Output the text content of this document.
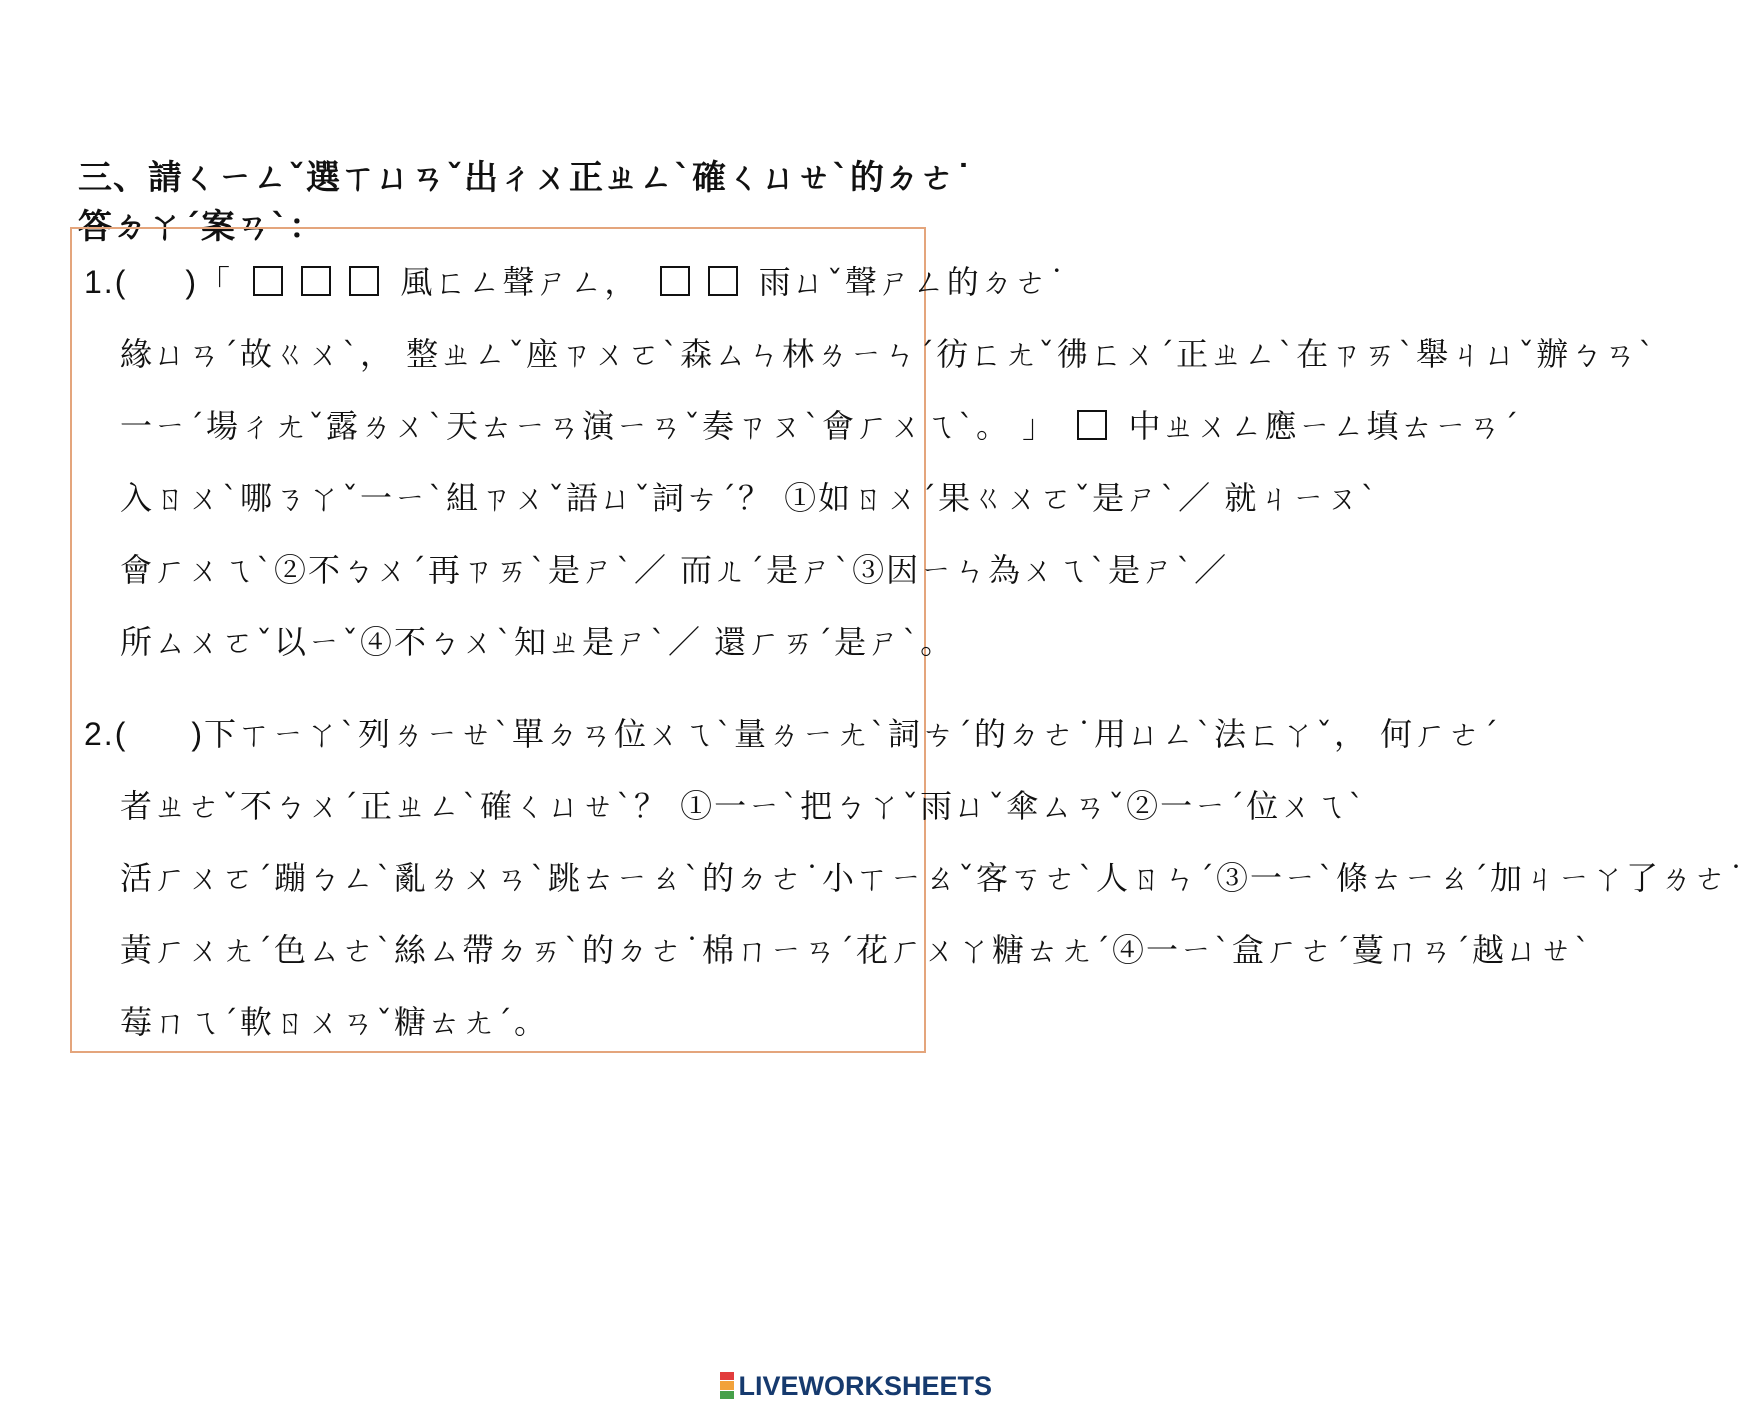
三、請ㄑㄧㄥˇ選ㄒㄩㄢˇ出ㄔㄨ正ㄓㄥˋ確ㄑㄩㄝˋ的ㄉㄜ˙答ㄉㄚˊ案ㄢˋ：
1.( )「	風ㄈㄥ聲ㄕㄥ，	雨ㄩˇ聲ㄕㄥ的ㄉㄜ˙
緣ㄩㄢˊ故ㄍㄨˋ， 整ㄓㄥˇ座ㄗㄨㄛˋ森ㄙㄣ林ㄌㄧㄣˊ彷ㄈㄤˇ彿ㄈㄨˊ正ㄓㄥˋ在ㄗㄞˋ舉ㄐㄩˇ辦ㄅㄢˋ
一ㄧˊ場ㄔㄤˇ露ㄌㄨˋ天ㄊㄧㄢ演ㄧㄢˇ奏ㄗㄡˋ會ㄏㄨㄟˋ。 」 中ㄓㄨㄥ應ㄧㄥ填ㄊㄧㄢˊ
入ㄖㄨˋ哪ㄋㄚˇ一ㄧˋ組ㄗㄨˇ語ㄩˇ詞ㄘˊ？ ①如ㄖㄨˊ果ㄍㄨㄛˇ是ㄕˋ／ 就ㄐㄧㄡˋ
會ㄏㄨㄟˋ②不ㄅㄨˊ再ㄗㄞˋ是ㄕˋ／ 而ㄦˊ是ㄕˋ③因ㄧㄣ為ㄨㄟˋ是ㄕˋ／
所ㄙㄨㄛˇ以ㄧˇ④不ㄅㄨˋ知ㄓ是ㄕˋ／ 還ㄏㄞˊ是ㄕˋ。
2.( )下ㄒㄧㄚˋ列ㄌㄧㄝˋ單ㄉㄢ位ㄨㄟˋ量ㄌㄧㄤˋ詞ㄘˊ的ㄉㄜ˙用ㄩㄥˋ法ㄈㄚˇ， 何ㄏㄜˊ
者ㄓㄜˇ不ㄅㄨˊ正ㄓㄥˋ確ㄑㄩㄝˋ？ ①一ㄧˋ把ㄅㄚˇ雨ㄩˇ傘ㄙㄢˇ②一ㄧˊ位ㄨㄟˋ
活ㄏㄨㄛˊ蹦ㄅㄥˋ亂ㄌㄨㄢˋ跳ㄊㄧㄠˋ的ㄉㄜ˙小ㄒㄧㄠˇ客ㄎㄜˋ人ㄖㄣˊ③一ㄧˋ條ㄊㄧㄠˊ加ㄐㄧㄚ了ㄌㄜ˙
黃ㄏㄨㄤˊ色ㄙㄜˋ絲ㄙ帶ㄉㄞˋ的ㄉㄜ˙棉ㄇㄧㄢˊ花ㄏㄨㄚ糖ㄊㄤˊ④一ㄧˋ盒ㄏㄜˊ蔓ㄇㄢˊ越ㄩㄝˋ
莓ㄇㄟˊ軟ㄖㄨㄢˇ糖ㄊㄤˊ。
LIVEWORKSHEETS
